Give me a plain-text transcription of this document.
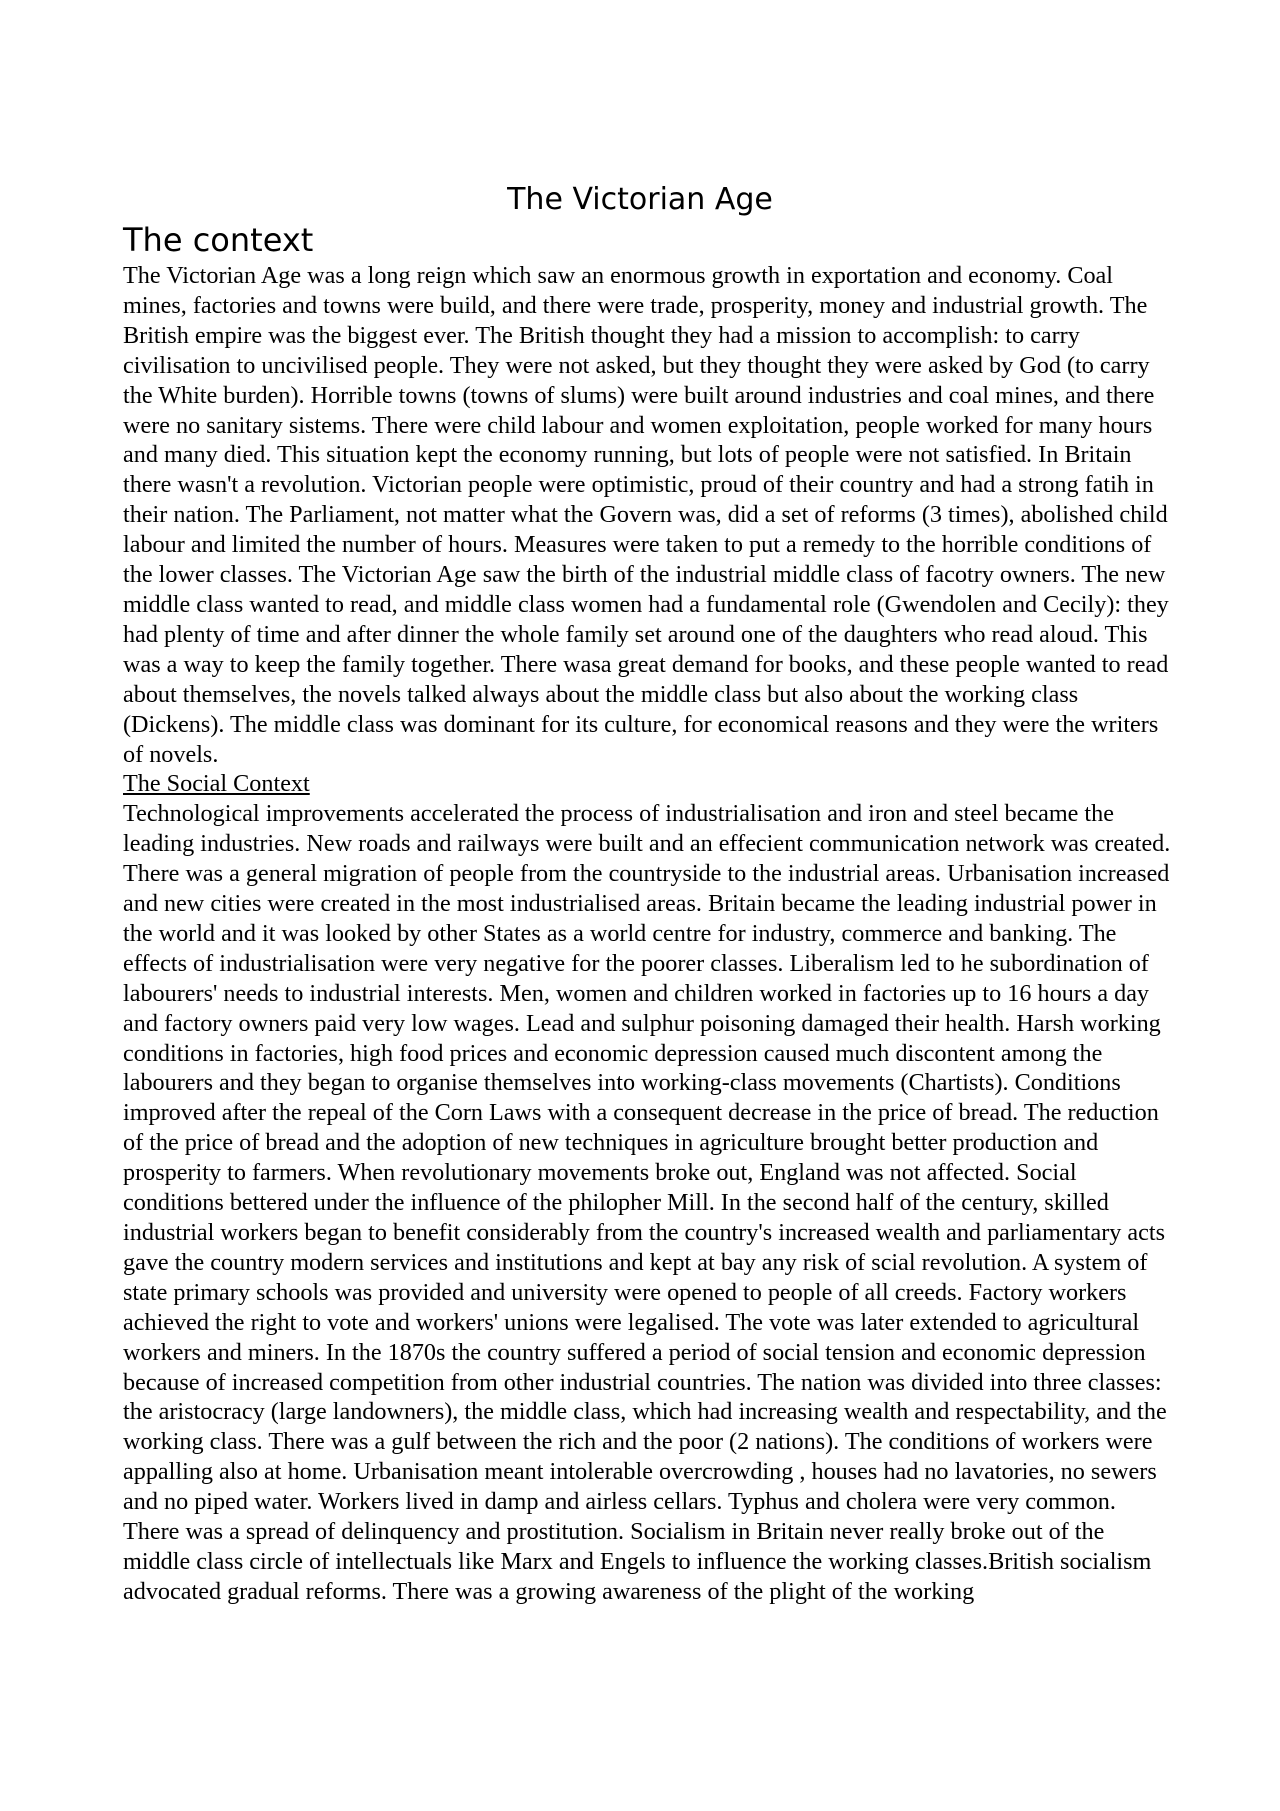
The Victorian Age
The context

The Victorian Age was a long reign which saw an enormous growth in exportation and economy. Coal mines, factories and towns were build, and there were trade, prosperity, money and industrial growth. The British empire was the biggest ever. The British thought they had a mission to accomplish: to carry civilisation to uncivilised people. They were not asked, but they thought they were asked by God (to carry the White burden). Horrible towns (towns of slums) were built around industries and coal mines, and there were no sanitary sistems. There were child labour and women exploitation, people worked for many hours and many died. This situation kept the economy running, but lots of people were not satisfied. In Britain there wasn't a revolution. Victorian people were optimistic, proud of their country and had a strong fatih in their nation. The Parliament, not matter what the Govern was, did a set of reforms (3 times), abolished child labour and limited the number of hours. Measures were taken to put a remedy to the horrible conditions of the lower classes. The Victorian Age saw the birth of the industrial middle class of facotry owners. The new middle class wanted to read, and middle class women had a fundamental role (Gwendolen and Cecily): they had plenty of time and after dinner the whole family set around one of the daughters who read aloud. This was a way to keep the family together. There wasa great demand for books, and these people wanted to read about themselves, the novels talked always about the middle class but also about the working class (Dickens). The middle class was dominant for its culture, for economical reasons and they were the writers of novels.

The Social Context

Technological improvements accelerated the process of industrialisation and iron and steel became the leading industries. New roads and railways were built and an effecient communication network was created. There was a general migration of people from the countryside to the industrial areas. Urbanisation increased and new cities were created in the most industrialised areas. Britain became the leading industrial power in the world and it was looked by other States as a world centre for industry, commerce and banking. The effects of industrialisation were very negative for the poorer classes. Liberalism led to he subordination of labourers' needs to industrial interests. Men, women and children worked in factories up to 16 hours a day and factory owners paid very low wages. Lead and sulphur poisoning damaged their health. Harsh working conditions in factories, high food prices and economic depression caused much discontent among the labourers and they began to organise themselves into working-class movements (Chartists). Conditions improved after the repeal of the Corn Laws with a consequent decrease in the price of bread. The reduction of the price of bread and the adoption of new techniques in agriculture brought better production and prosperity to farmers. When revolutionary movements broke out, England was not affected. Social conditions bettered under the influence of the philopher Mill. In the second half of the century, skilled industrial workers began to benefit considerably from the country's increased wealth and parliamentary acts gave the country modern services and institutions and kept at bay any risk of scial revolution. A system of state primary schools was provided and university were opened to people of all creeds. Factory workers achieved the right to vote and workers' unions were legalised. The vote was later extended to agricultural workers and miners. In the 1870s the country suffered a period of social tension and economic depression because of increased competition from other industrial countries. The nation was divided into three classes: the aristocracy (large landowners), the middle class, which had increasing wealth and respectability, and the working class. There was a gulf between the rich and the poor (2 nations). The conditions of workers were appalling also at home. Urbanisation meant intolerable overcrowding , houses had no lavatories, no sewers and no piped water. Workers lived in damp and airless cellars. Typhus and cholera were very common. There was a spread of delinquency and prostitution. Socialism in Britain never really broke out of the middle class circle of intellectuals like Marx and Engels to influence the working classes.British socialism advocated gradual reforms. There was a growing awareness of the plight of the working
